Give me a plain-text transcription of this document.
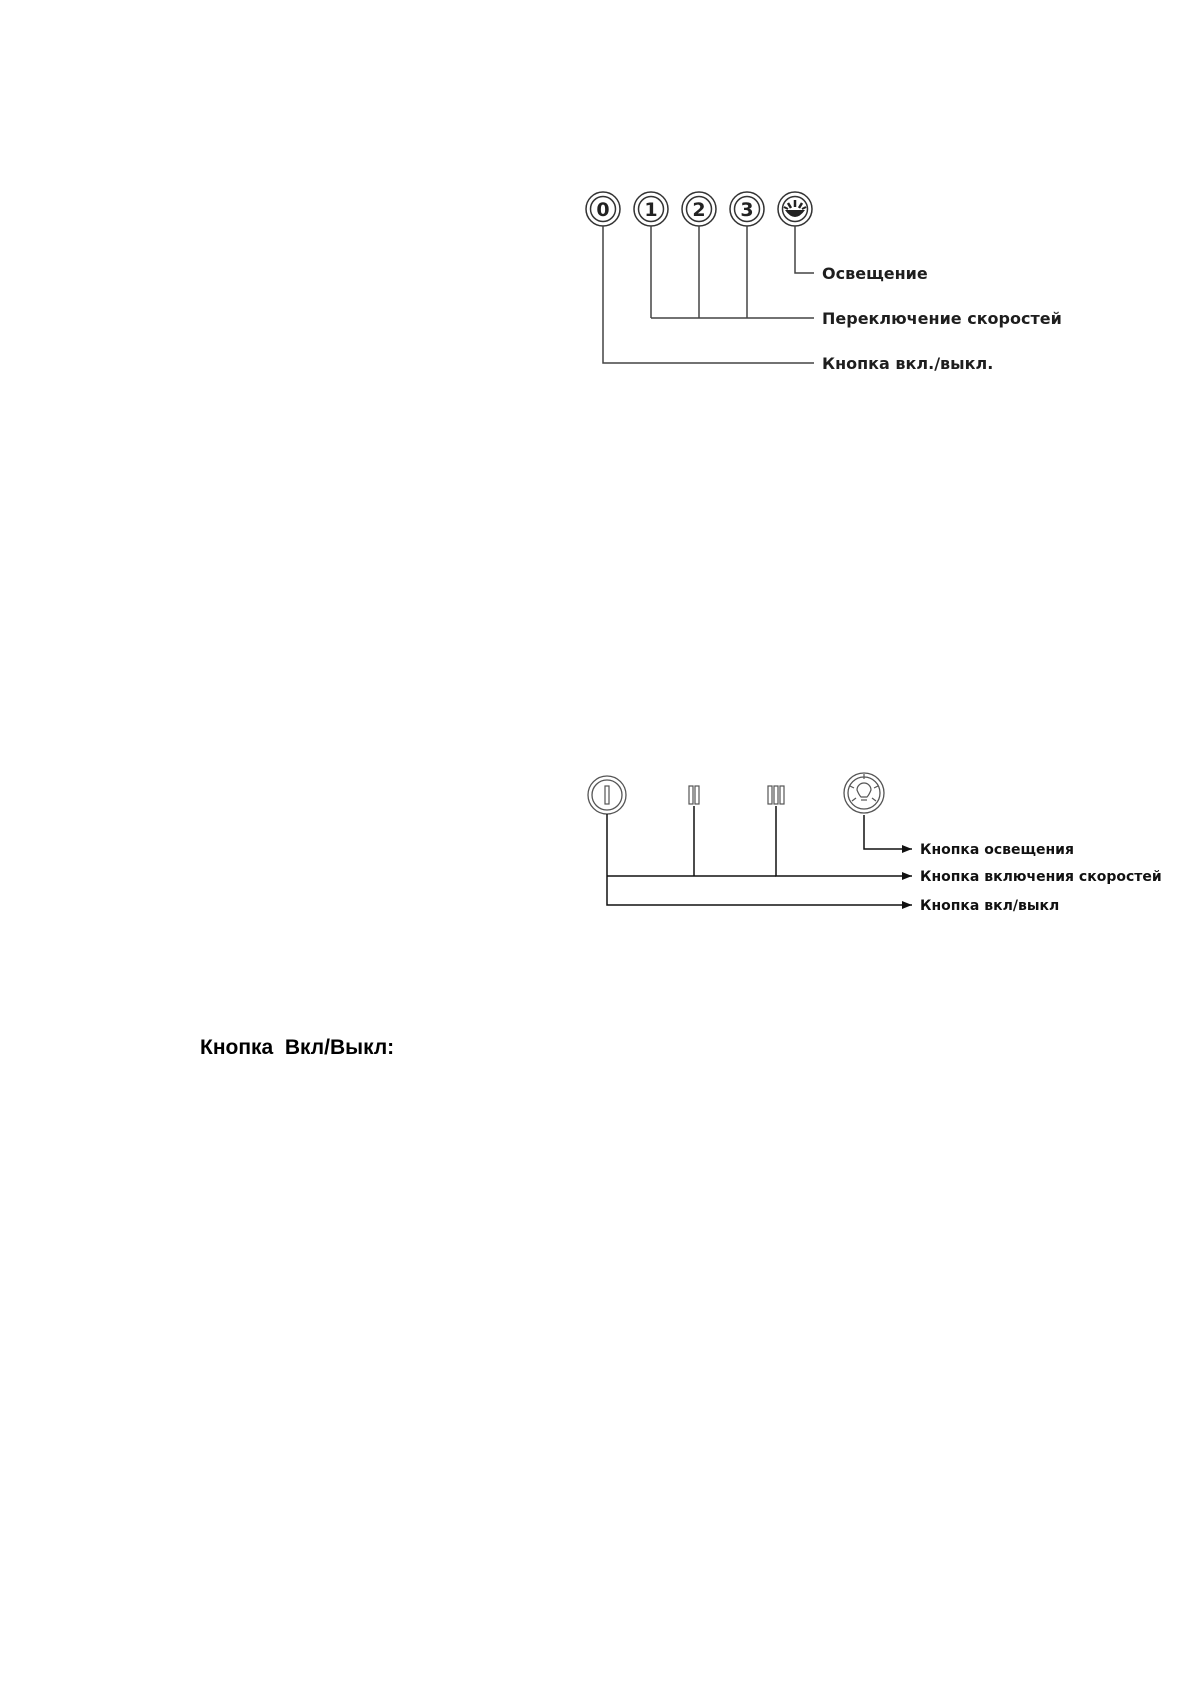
0 1 2 3
Освещение
Переключение скоростей
Кнопка вкл./выкл.
Кнопка освещения
Кнопка включения скоростей
Кнопка вкл/выкл
Кнопка  Вкл/Выкл:
